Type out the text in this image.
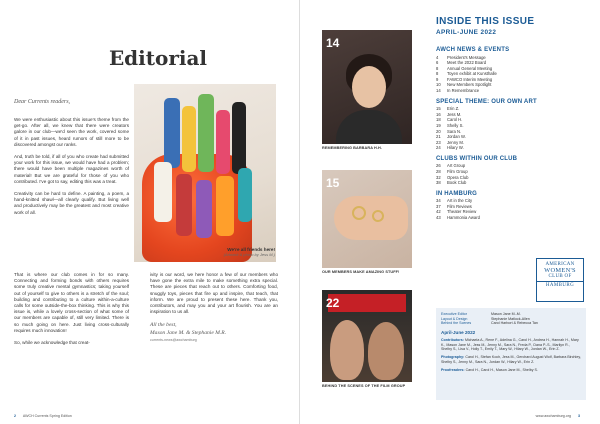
Editorial
Dear Currents readers,

We were enthusiastic about this issue's theme from the get-go. After all, we knew that there were creators galore in our club—we'd seen the work, covered some of it in past issues, heard rumors of still more to be discovered amongst our ranks.

And, truth be told, if all of you who create had submitted your work for this issue, we would have had a problem; there would have been multiple magazines worth of material! But we are grateful for those of you who contributed. I've got to say, editing this was a treat.

Creativity can be hard to define. A painting, a poem, a hand-knitted shawl—all clearly qualify. But living well and productively may be the greatest and most creative work of all.

We're all friends here!
(Artwork & photo by Jess M.)

That is where our club comes in for so many. Connecting and forming bonds with others requires some truly creative mental gymnastics; taking yourself out of yourself to give to others is a stretch of the soul; building and contributing to a culture within-a-culture calls for some outside-the-box thinking. This is why this issue is, while a lovely cross-section of what some of our members are capable of, still very limited. There is so much going on here. Just living cross-culturally requires much innovation!

So, while we acknowledge that creat-

ivity is our word, we here honor a few of our members who have gone the extra mile to make something extra special. These are pieces that reach out to others. Comforting food, snuggly toys, pieces that fire up and inspire, that teach, that inform. We are proud to present these here. Thank you, contributors, and may you and your art flourish. You are an inspiration to us all.

All the best,
Mason Jane M. & Stephanie M.R.
currents-news@awchamburg
2 AWCH Currents Spring Edition
14
REMEMBERING BARBARA H.H.
15
OUR MEMBERS MAKE AMAZING STUFF!
22
BEHIND THE SCENES OF THE FILM GROUP
INSIDE THIS ISSUE
APRIL-JUNE 2022
AWCH NEWS & EVENTS
4	President's Message
6	Meet the 2022 Board
8	Annual General Meeting
8	Toyen exhibit at Kunsthalle
9	FAWCO Interim Meeting
10	New Members Spotlight
14	In Remembrance
SPECIAL THEME: OUR OWN ART
15	Erin Z.
16	Jess M.
18	Carol H.
19	Shelly S.
20	Sara N.
21	Jordan W.
23	Jenny M.
24	Hilary W.
CLUBS WITHIN OUR CLUB
26	Art Group
28	Film Group
32	Opera Club
38	Book Club
IN HAMBURG
34	Art in the City
37	Film Reviews
42	Theater Review
43	Hammonia Award
AMERICAN
WOMEN'S
CLUB OF
HAMBURG
Executive Editor	Mason Jane M.-M.
Layout & Design	Stephanie Matlock-Allen
Behind the Scenes	Carol Harbort & Rebecca Tan
April-June 2022
Contributors: Michaela A., Rene F., Adelina G., Carol H., Andrea H., Hannah H., Mary K., Mason Jane M., Jess M., Jenny M., Sara N., Freda P., Dana P.-S., Marilyn R., Shelby S., Lisa V., Holly T., Emily T., Mary W., Hilary W., Jordan W., Erin Z.
Photography: Carol H., Stefan Koch, Jess M., Gerchard August Wolf, Barbara Birchley, Shelby S., Jenny M., Sara N., Jordan W., Hilary W., Erin Z.
Proofreaders: Carol H., Carol H., Mason Jane M., Shelby S.
www.awchamburg.org 3
